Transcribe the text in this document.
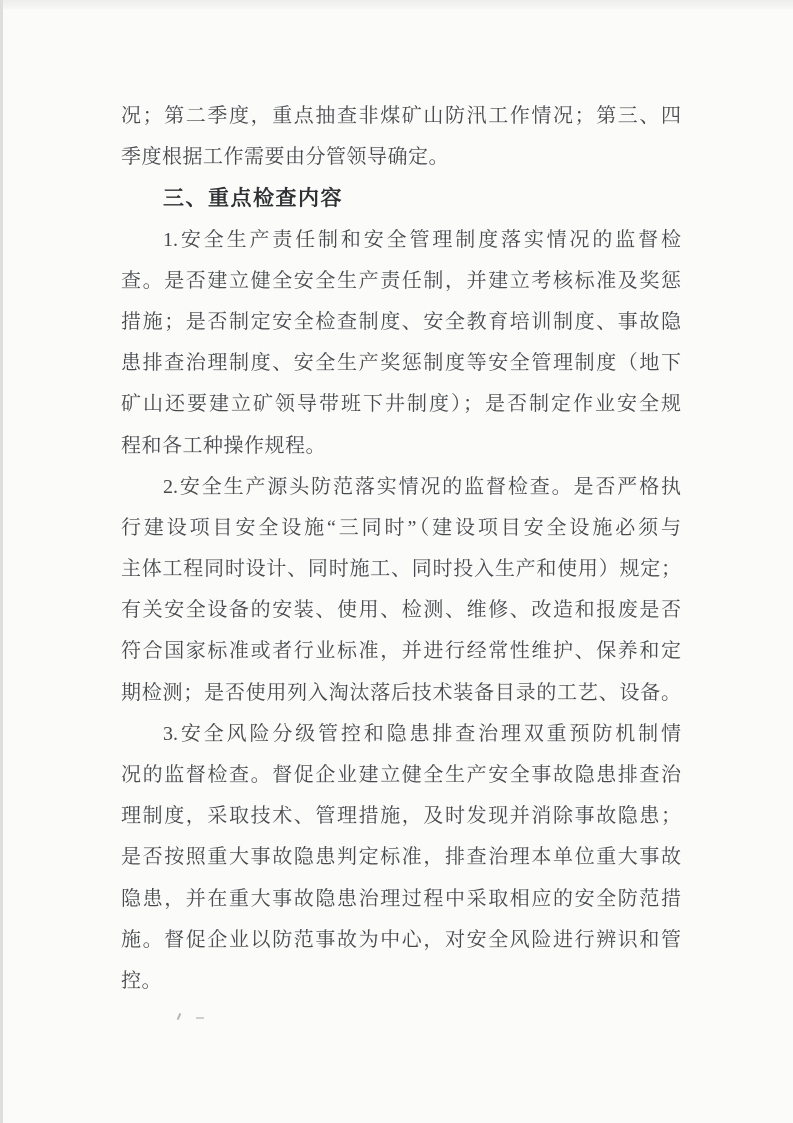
况；第二季度，重点抽查非煤矿山防汛工作情况；第三、四
季度根据工作需要由分管领导确定。
三、重点检查内容
1.安全生产责任制和安全管理制度落实情况的监督检
查。是否建立健全安全生产责任制，并建立考核标准及奖惩
措施；是否制定安全检查制度、安全教育培训制度、事故隐
患排查治理制度、安全生产奖惩制度等安全管理制度（地下
矿山还要建立矿领导带班下井制度）；是否制定作业安全规
程和各工种操作规程。
2.安全生产源头防范落实情况的监督检查。是否严格执
行建设项目安全设施“三同时”（建设项目安全设施必须与
主体工程同时设计、同时施工、同时投入生产和使用）规定；
有关安全设备的安装、使用、检测、维修、改造和报废是否
符合国家标准或者行业标准，并进行经常性维护、保养和定
期检测；是否使用列入淘汰落后技术装备目录的工艺、设备。
3.安全风险分级管控和隐患排查治理双重预防机制情
况的监督检查。督促企业建立健全生产安全事故隐患排查治
理制度，采取技术、管理措施，及时发现并消除事故隐患；
是否按照重大事故隐患判定标准，排查治理本单位重大事故
隐患，并在重大事故隐患治理过程中采取相应的安全防范措
施。督促企业以防范事故为中心，对安全风险进行辨识和管
控。
